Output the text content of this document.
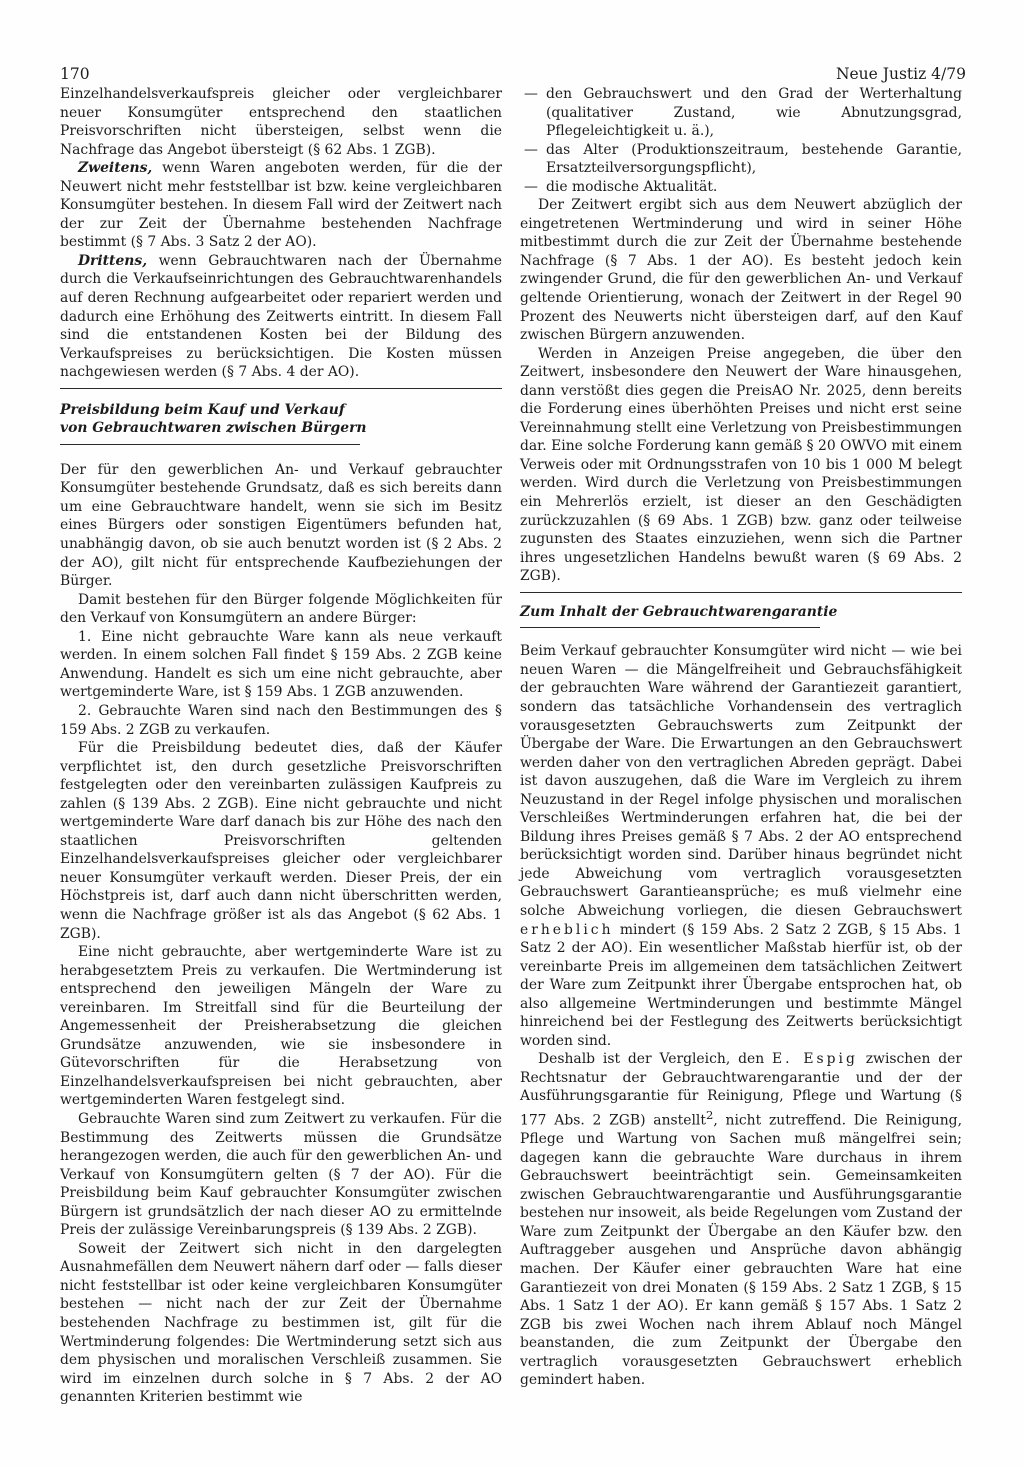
170	Neue Justiz 4/79

Einzelhandelsverkaufspreis gleicher oder vergleichbarer neuer Konsumgüter entsprechend den staatlichen Preisvorschriften nicht übersteigen, selbst wenn die Nachfrage das Angebot übersteigt (§ 62 Abs. 1 ZGB).

Zweitens, wenn Waren angeboten werden, für die der Neuwert nicht mehr feststellbar ist bzw. keine vergleichbaren Konsumgüter bestehen. In diesem Fall wird der Zeitwert nach der zur Zeit der Übernahme bestehenden Nachfrage bestimmt (§ 7 Abs. 3 Satz 2 der AO).

Drittens, wenn Gebrauchtwaren nach der Übernahme durch die Verkaufseinrichtungen des Gebrauchtwarenhandels auf deren Rechnung aufgearbeitet oder repariert werden und dadurch eine Erhöhung des Zeitwerts eintritt. In diesem Fall sind die entstandenen Kosten bei der Bildung des Verkaufspreises zu berücksichtigen. Die Kosten müssen nachgewiesen werden (§ 7 Abs. 4 der AO).

Preisbildung beim Kauf und Verkauf
von Gebrauchtwaren zwischen Bürgern

Der für den gewerblichen An- und Verkauf gebrauchter Konsumgüter bestehende Grundsatz, daß es sich bereits dann um eine Gebrauchtware handelt, wenn sie sich im Besitz eines Bürgers oder sonstigen Eigentümers befunden hat, unabhängig davon, ob sie auch benutzt worden ist (§ 2 Abs. 2 der AO), gilt nicht für entsprechende Kaufbeziehungen der Bürger.

Damit bestehen für den Bürger folgende Möglichkeiten für den Verkauf von Konsumgütern an andere Bürger:

1. Eine nicht gebrauchte Ware kann als neue verkauft werden. In einem solchen Fall findet § 159 Abs. 2 ZGB keine Anwendung. Handelt es sich um eine nicht gebrauchte, aber wertgeminderte Ware, ist § 159 Abs. 1 ZGB anzuwenden.

2. Gebrauchte Waren sind nach den Bestimmungen des § 159 Abs. 2 ZGB zu verkaufen.

Für die Preisbildung bedeutet dies, daß der Käufer verpflichtet ist, den durch gesetzliche Preisvorschriften festgelegten oder den vereinbarten zulässigen Kaufpreis zu zahlen (§ 139 Abs. 2 ZGB). Eine nicht gebrauchte und nicht wertgeminderte Ware darf danach bis zur Höhe des nach den staatlichen Preisvorschriften geltenden Einzelhandelsverkaufspreises gleicher oder vergleichbarer neuer Konsumgüter verkauft werden. Dieser Preis, der ein Höchstpreis ist, darf auch dann nicht überschritten werden, wenn die Nachfrage größer ist als das Angebot (§ 62 Abs. 1 ZGB).

Eine nicht gebrauchte, aber wertgeminderte Ware ist zu herabgesetztem Preis zu verkaufen. Die Wertminderung ist entsprechend den jeweiligen Mängeln der Ware zu vereinbaren. Im Streitfall sind für die Beurteilung der Angemessenheit der Preisherabsetzung die gleichen Grundsätze anzuwenden, wie sie insbesondere in Gütevorschriften für die Herabsetzung von Einzelhandelsverkaufspreisen bei nicht gebrauchten, aber wertgeminderten Waren festgelegt sind.

Gebrauchte Waren sind zum Zeitwert zu verkaufen. Für die Bestimmung des Zeitwerts müssen die Grundsätze herangezogen werden, die auch für den gewerblichen An- und Verkauf von Konsumgütern gelten (§ 7 der AO). Für die Preisbildung beim Kauf gebrauchter Konsumgüter zwischen Bürgern ist grundsätzlich der nach dieser AO zu ermittelnde Preis der zulässige Vereinbarungspreis (§ 139 Abs. 2 ZGB).

Soweit der Zeitwert sich nicht in den dargelegten Ausnahmefällen dem Neuwert nähern darf oder — falls dieser nicht feststellbar ist oder keine vergleichbaren Konsumgüter bestehen — nicht nach der zur Zeit der Übernahme bestehenden Nachfrage zu bestimmen ist, gilt für die Wertminderung folgendes: Die Wertminderung setzt sich aus dem physischen und moralischen Verschleiß zusammen. Sie wird im einzelnen durch solche in § 7 Abs. 2 der AO genannten Kriterien bestimmt wie

— den Gebrauchswert und den Grad der Werterhaltung (qualitativer Zustand, wie Abnutzungsgrad, Pflegeleichtigkeit u. ä.),

— das Alter (Produktionszeitraum, bestehende Garantie, Ersatzteilversorgungspflicht),

— die modische Aktualität.

Der Zeitwert ergibt sich aus dem Neuwert abzüglich der eingetretenen Wertminderung und wird in seiner Höhe mitbestimmt durch die zur Zeit der Übernahme bestehende Nachfrage (§ 7 Abs. 1 der AO). Es besteht jedoch kein zwingender Grund, die für den gewerblichen An- und Verkauf geltende Orientierung, wonach der Zeitwert in der Regel 90 Prozent des Neuwerts nicht übersteigen darf, auf den Kauf zwischen Bürgern anzuwenden.

Werden in Anzeigen Preise angegeben, die über den Zeitwert, insbesondere den Neuwert der Ware hinausgehen, dann verstößt dies gegen die PreisAO Nr. 2025, denn bereits die Forderung eines überhöhten Preises und nicht erst seine Vereinnahmung stellt eine Verletzung von Preisbestimmungen dar. Eine solche Forderung kann gemäß § 20 OWVO mit einem Verweis oder mit Ordnungsstrafen von 10 bis 1 000 M belegt werden. Wird durch die Verletzung von Preisbestimmungen ein Mehrerlös erzielt, ist dieser an den Geschädigten zurückzuzahlen (§ 69 Abs. 1 ZGB) bzw. ganz oder teilweise zugunsten des Staates einzuziehen, wenn sich die Partner ihres ungesetzlichen Handelns bewußt waren (§ 69 Abs. 2 ZGB).

Zum Inhalt der Gebrauchtwarengarantie

Beim Verkauf gebrauchter Konsumgüter wird nicht — wie bei neuen Waren — die Mängelfreiheit und Gebrauchsfähigkeit der gebrauchten Ware während der Garantiezeit garantiert, sondern das tatsächliche Vorhandensein des vertraglich vorausgesetzten Gebrauchswerts zum Zeitpunkt der Übergabe der Ware. Die Erwartungen an den Gebrauchswert werden daher von den vertraglichen Abreden geprägt. Dabei ist davon auszugehen, daß die Ware im Vergleich zu ihrem Neuzustand in der Regel infolge physischen und moralischen Verschleißes Wertminderungen erfahren hat, die bei der Bildung ihres Preises gemäß § 7 Abs. 2 der AO entsprechend berücksichtigt worden sind. Darüber hinaus begründet nicht jede Abweichung vom vertraglich vorausgesetzten Gebrauchswert Garantieansprüche; es muß vielmehr eine solche Abweichung vorliegen, die diesen Gebrauchswert erheblich mindert (§ 159 Abs. 2 Satz 2 ZGB, § 15 Abs. 1 Satz 2 der AO). Ein wesentlicher Maßstab hierfür ist, ob der vereinbarte Preis im allgemeinen dem tatsächlichen Zeitwert der Ware zum Zeitpunkt ihrer Übergabe entsprochen hat, ob also allgemeine Wertminderungen und bestimmte Mängel hinreichend bei der Festlegung des Zeitwerts berücksichtigt worden sind.

Deshalb ist der Vergleich, den E. Espig zwischen der Rechtsnatur der Gebrauchtwarengarantie und der der Ausführungsgarantie für Reinigung, Pflege und Wartung (§ 177 Abs. 2 ZGB) anstellt$^2$, nicht zutreffend. Die Reinigung, Pflege und Wartung von Sachen muß mängelfrei sein; dagegen kann die gebrauchte Ware durchaus in ihrem Gebrauchswert beeinträchtigt sein. Gemeinsamkeiten zwischen Gebrauchtwarengarantie und Ausführungsgarantie bestehen nur insoweit, als beide Regelungen vom Zustand der Ware zum Zeitpunkt der Übergabe an den Käufer bzw. den Auftraggeber ausgehen und Ansprüche davon abhängig machen. Der Käufer einer gebrauchten Ware hat eine Garantiezeit von drei Monaten (§ 159 Abs. 2 Satz 1 ZGB, § 15 Abs. 1 Satz 1 der AO). Er kann gemäß § 157 Abs. 1 Satz 2 ZGB bis zwei Wochen nach ihrem Ablauf noch Mängel beanstanden, die zum Zeitpunkt der Übergabe den vertraglich vorausgesetzten Gebrauchswert erheblich gemindert haben.
